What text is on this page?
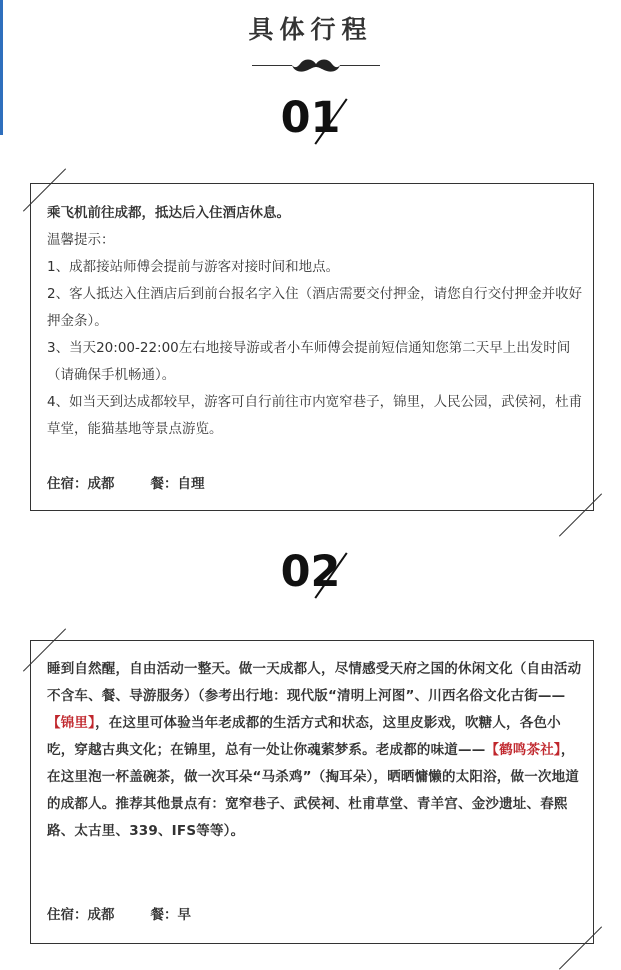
具体行程
01

乘飞机前往成都，抵达后入住酒店休息。

温馨提示：

1、成都接站师傅会提前与游客对接时间和地点。

2、客人抵达入住酒店后到前台报名字入住（酒店需要交付押金，请您自行交付押金并收好押金条）。

3、当天20:00-22:00左右地接导游或者小车师傅会提前短信通知您第二天早上出发时间（请确保手机畅通）。

4、如当天到达成都较早，游客可自行前往市内宽窄巷子，锦里，人民公园，武侯祠，杜甫草堂，能猫基地等景点游览。

住宿：成都	餐：自理
02
睡到自然醒，自由活动一整天。做一天成都人，尽情感受天府之国的休闲文化（自由活动不含车、餐、导游服务）（参考出行地：现代版“清明上河图”、川西名俗文化古街——【锦里】，在这里可体验当年老成都的生活方式和状态，这里皮影戏，吹糖人，各色小吃，穿越古典文化；在锦里，总有一处让你魂萦梦系。老成都的味道——【鹤鸣茶社】，在这里泡一杯盖碗茶，做一次耳朵“马杀鸡”（掏耳朵），晒晒慵懒的太阳浴，做一次地道的成都人。推荐其他景点有：宽窄巷子、武侯祠、杜甫草堂、青羊宫、金沙遗址、春熙路、太古里、339、IFS等等）。
住宿：成都	餐：早
